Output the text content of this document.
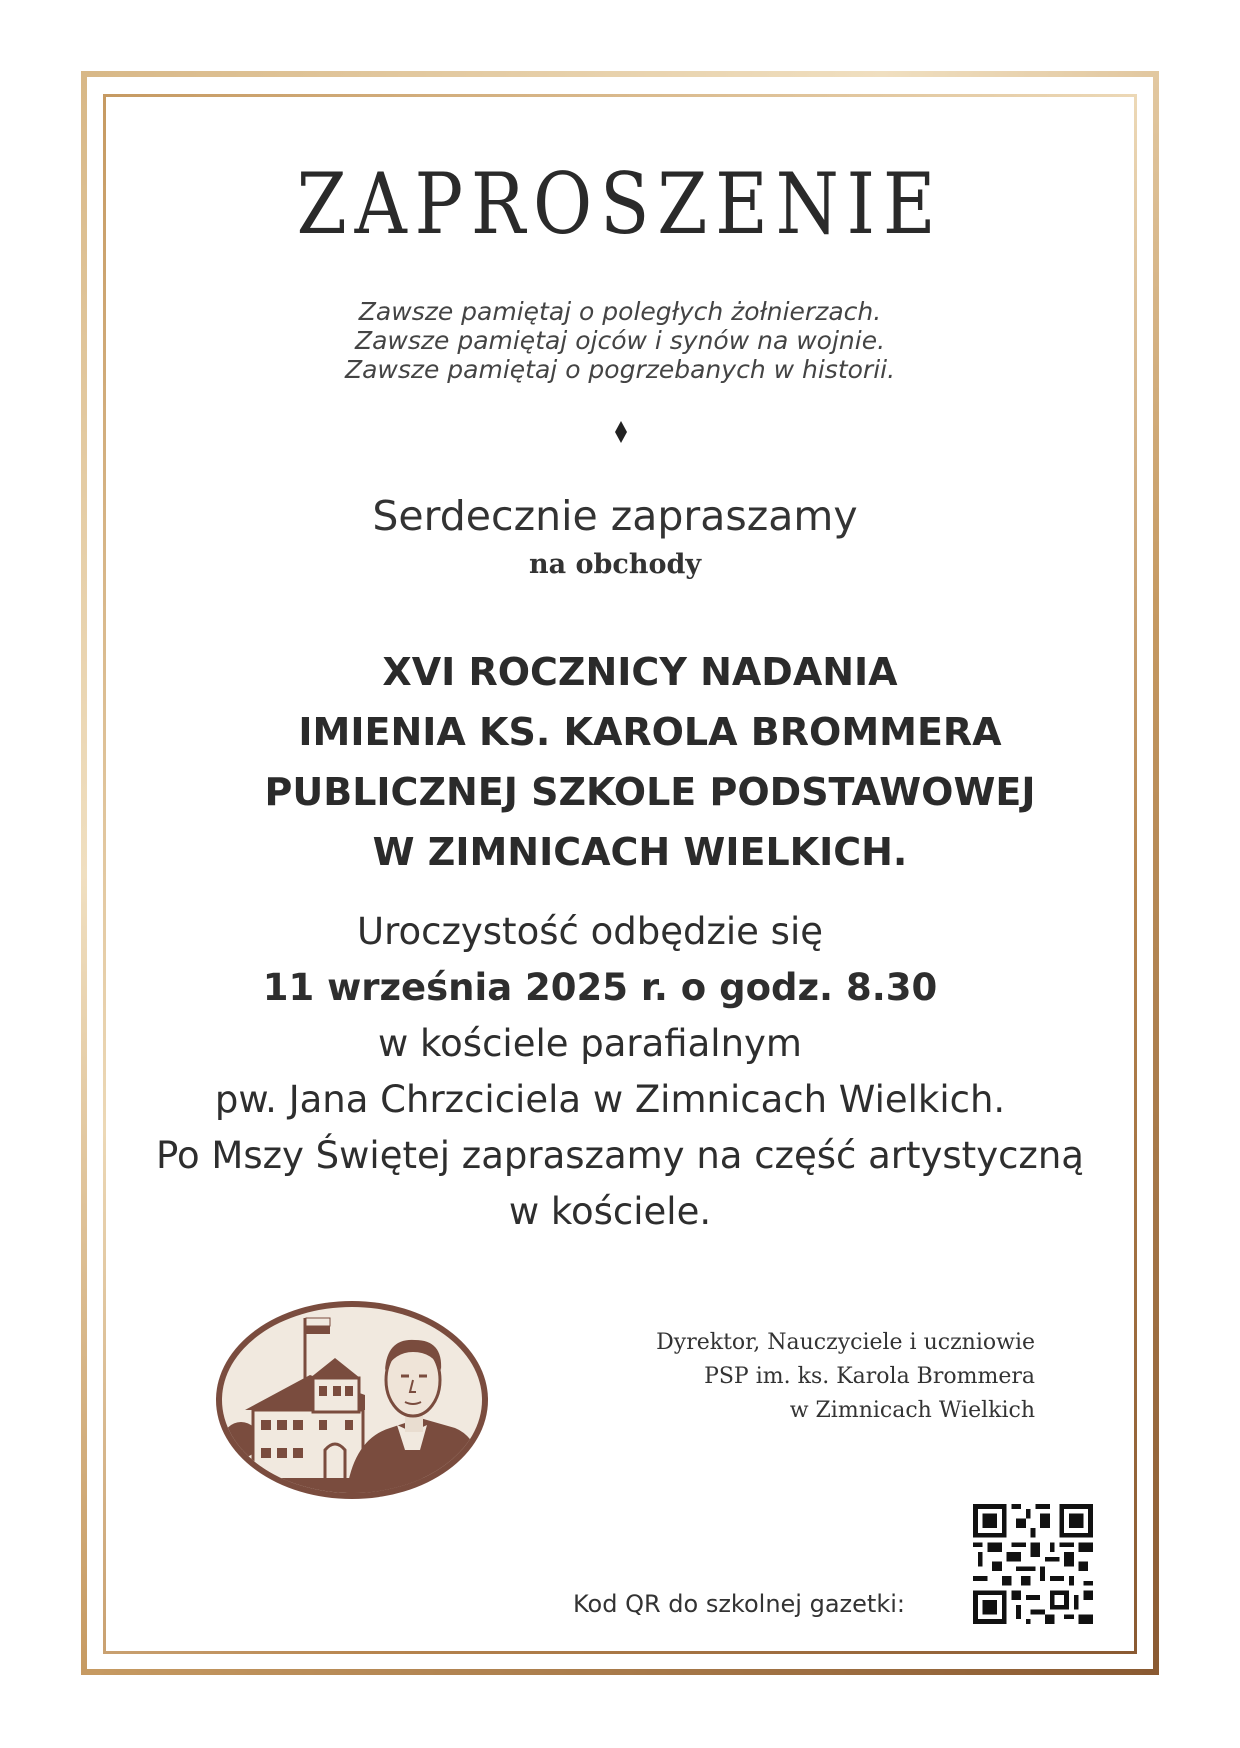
ZAPROSZENIE
Zawsze pamiętaj o poległych żołnierzach.
Zawsze pamiętaj ojców i synów na wojnie.
Zawsze pamiętaj o pogrzebanych w historii.
Serdecznie zapraszamy
na obchody
XVI ROCZNICY NADANIA
IMIENIA KS. KAROLA BROMMERA
PUBLICZNEJ SZKOLE PODSTAWOWEJ
W ZIMNICACH WIELKICH.
Uroczystość odbędzie się
11 września 2025 r. o godz. 8.30
w kościele parafialnym
pw. Jana Chrzciciela w Zimnicach Wielkich.
Po Mszy Świętej zapraszamy na część artystyczną
w kościele.
Dyrektor, Nauczyciele i uczniowie
PSP im. ks. Karola Brommera
w Zimnicach Wielkich
Kod QR do szkolnej gazetki:
